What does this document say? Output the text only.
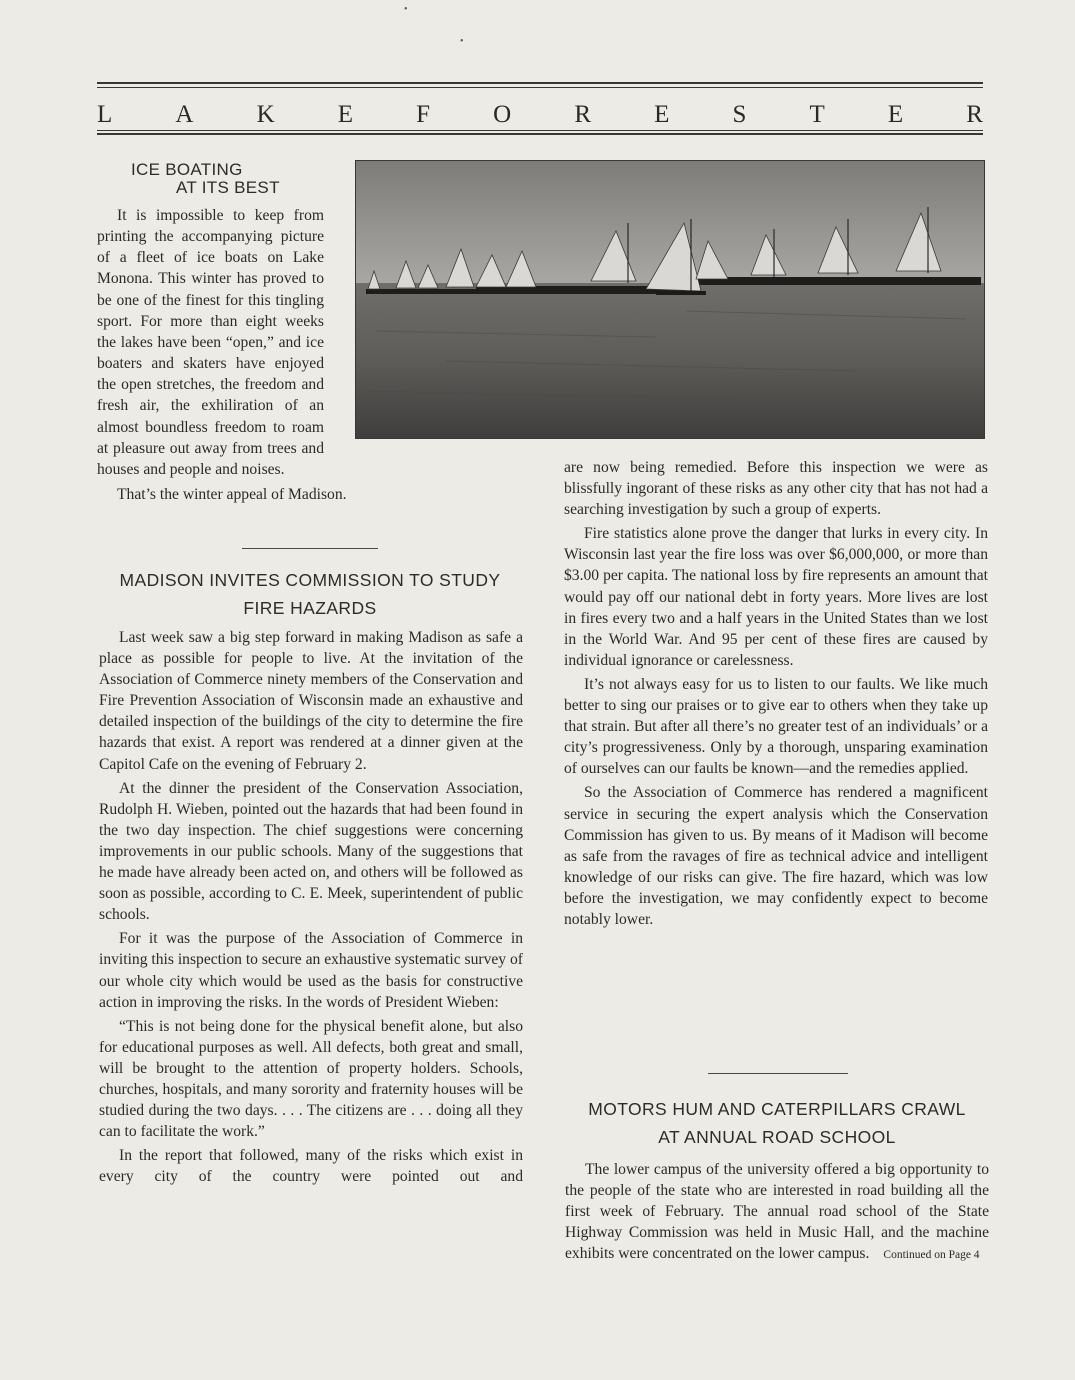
•
•
L	A	K	E	F	O	R	E	S	T	E	R
ICE BOATING
AT ITS BEST

It is impossible to keep from printing the accompanying picture of a fleet of ice boats on Lake Monona. This winter has proved to be one of the finest for this tingling sport. For more than eight weeks the lakes have been “open,” and ice boaters and skaters have enjoyed the open stretches, the freedom and fresh air, the exhiliration of an almost boundless freedom to roam at pleasure out away from trees and houses and people and noises.

That’s the winter appeal of Madison.

MADISON INVITES COMMISSION TO STUDY
FIRE HAZARDS

Last week saw a big step forward in making Madison as safe a place as possible for people to live. At the invitation of the Association of Commerce ninety members of the Conservation and Fire Prevention Association of Wisconsin made an exhaustive and detailed inspection of the buildings of the city to determine the fire hazards that exist. A report was rendered at a dinner given at the Capitol Cafe on the evening of February 2.

At the dinner the president of the Conservation Association, Rudolph H. Wieben, pointed out the hazards that had been found in the two day inspection. The chief suggestions were concerning improvements in our public schools. Many of the suggestions that he made have already been acted on, and others will be followed as soon as possible, according to C. E. Meek, superintendent of public schools.

For it was the purpose of the Association of Commerce in inviting this inspection to secure an exhaustive systematic survey of our whole city which would be used as the basis for constructive action in improving the risks. In the words of President Wieben:

“This is not being done for the physical benefit alone, but also for educational purposes as well. All defects, both great and small, will be brought to the attention of property holders. Schools, churches, hospitals, and many sorority and fraternity houses will be studied during the two days. . . . The citizens are . . . doing all they can to facilitate the work.”

In the report that followed, many of the risks which exist in every city of the country were pointed out and

are now being remedied. Before this inspection we were as blissfully ingorant of these risks as any other city that has not had a searching investigation by such a group of experts.

Fire statistics alone prove the danger that lurks in every city. In Wisconsin last year the fire loss was over $6,000,000, or more than $3.00 per capita. The national loss by fire represents an amount that would pay off our national debt in forty years. More lives are lost in fires every two and a half years in the United States than we lost in the World War. And 95 per cent of these fires are caused by individual ignorance or carelessness.

It’s not always easy for us to listen to our faults. We like much better to sing our praises or to give ear to others when they take up that strain. But after all there’s no greater test of an individuals’ or a city’s progressiveness. Only by a thorough, unsparing examination of ourselves can our faults be known—and the remedies applied.

So the Association of Commerce has rendered a magnificent service in securing the expert analysis which the Conservation Commission has given to us. By means of it Madison will become as safe from the ravages of fire as technical advice and intelligent knowledge of our risks can give. The fire hazard, which was low before the investigation, we may confidently expect to become notably lower.

MOTORS HUM AND CATERPILLARS CRAWL
AT ANNUAL ROAD SCHOOL

The lower campus of the university offered a big opportunity to the people of the state who are interested in road building all the first week of February. The annual road school of the State Highway Commission was held in Music Hall, and the machine exhibits were concentrated on the lower campus. Continued on Page 4
